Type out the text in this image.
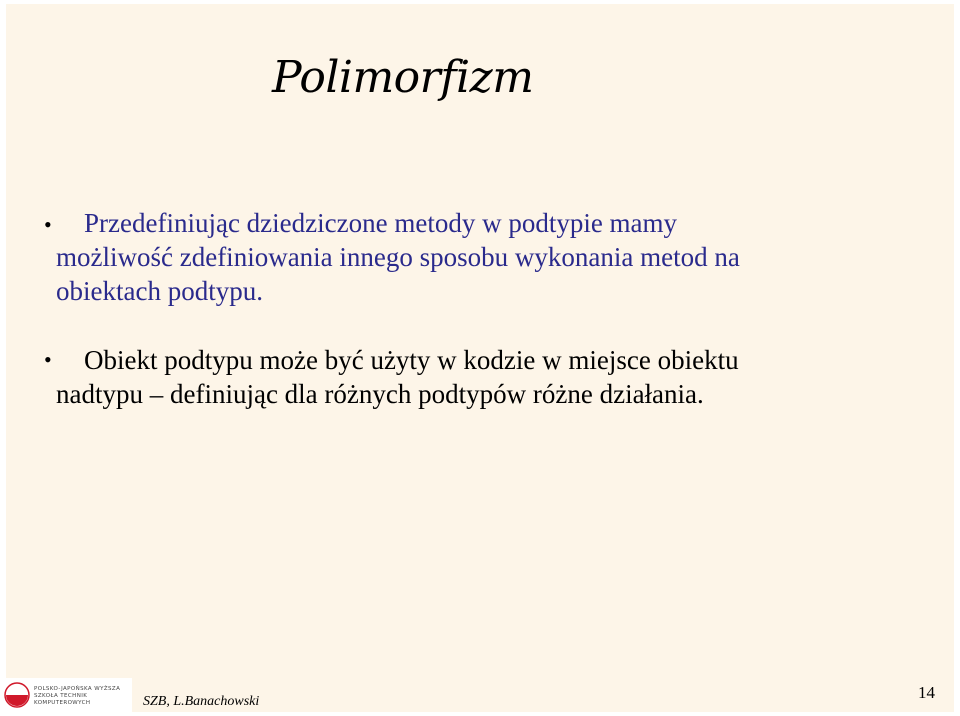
Polimorfizm
•	Przedefiniując dziedziczone metody w podtypie mamy
możliwość zdefiniowania innego sposobu wykonania metod na
obiektach podtypu.
•	Obiekt podtypu może być użyty w kodzie w miejsce obiektu
nadtypu – definiując dla różnych podtypów różne działania.
POLSKO-JAPOŃSKA WYŻSZA
SZKOŁA TECHNIK KOMPUTEROWYCH	SZB, L.Banachowski	14
